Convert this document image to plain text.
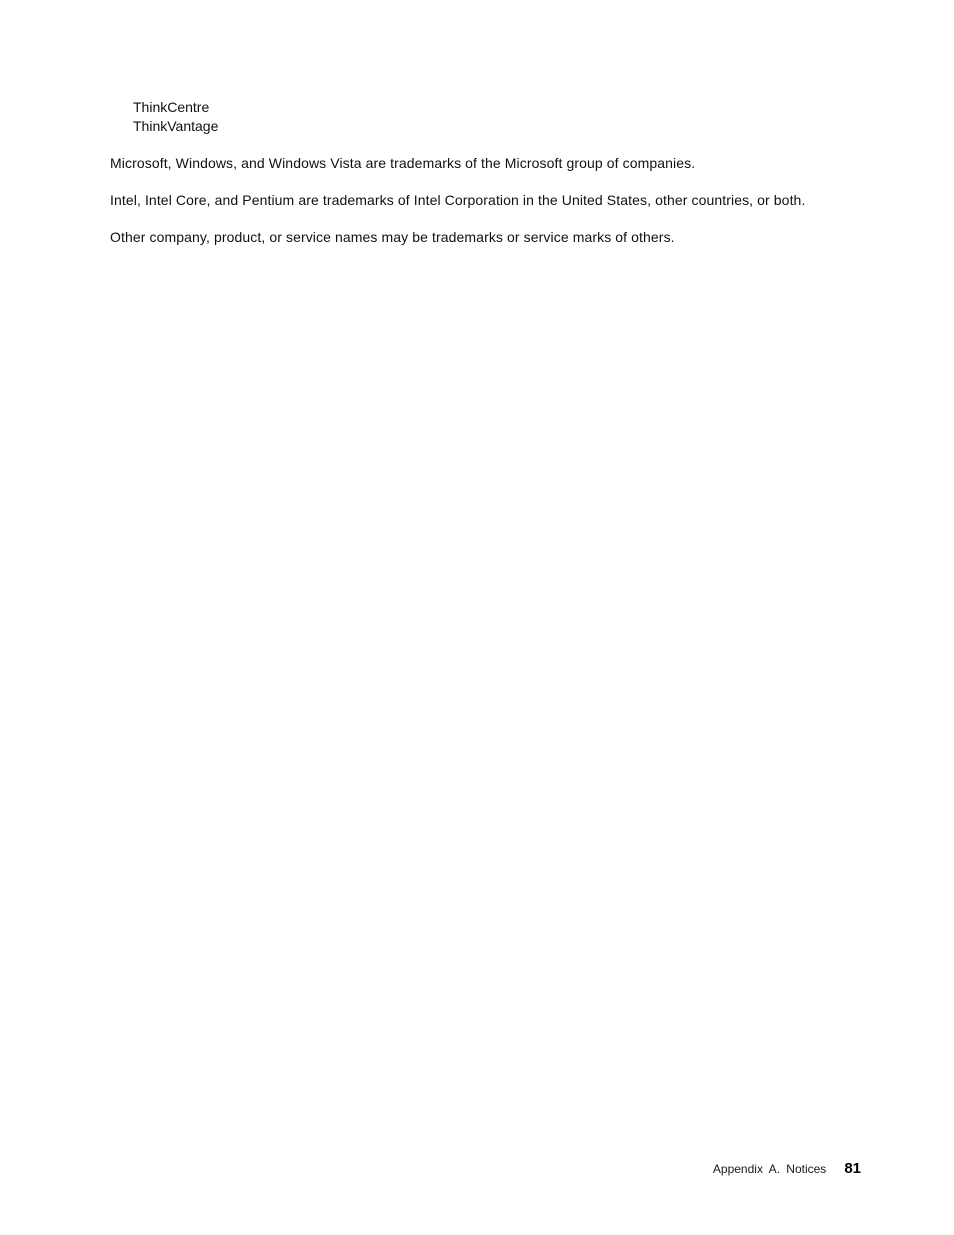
ThinkCentre
ThinkVantage

Microsoft, Windows, and Windows Vista are trademarks of the Microsoft group of companies.

Intel, Intel Core, and Pentium are trademarks of Intel Corporation in the United States, other countries, or both.

Other company, product, or service names may be trademarks or service marks of others.

Appendix A. Notices 81
